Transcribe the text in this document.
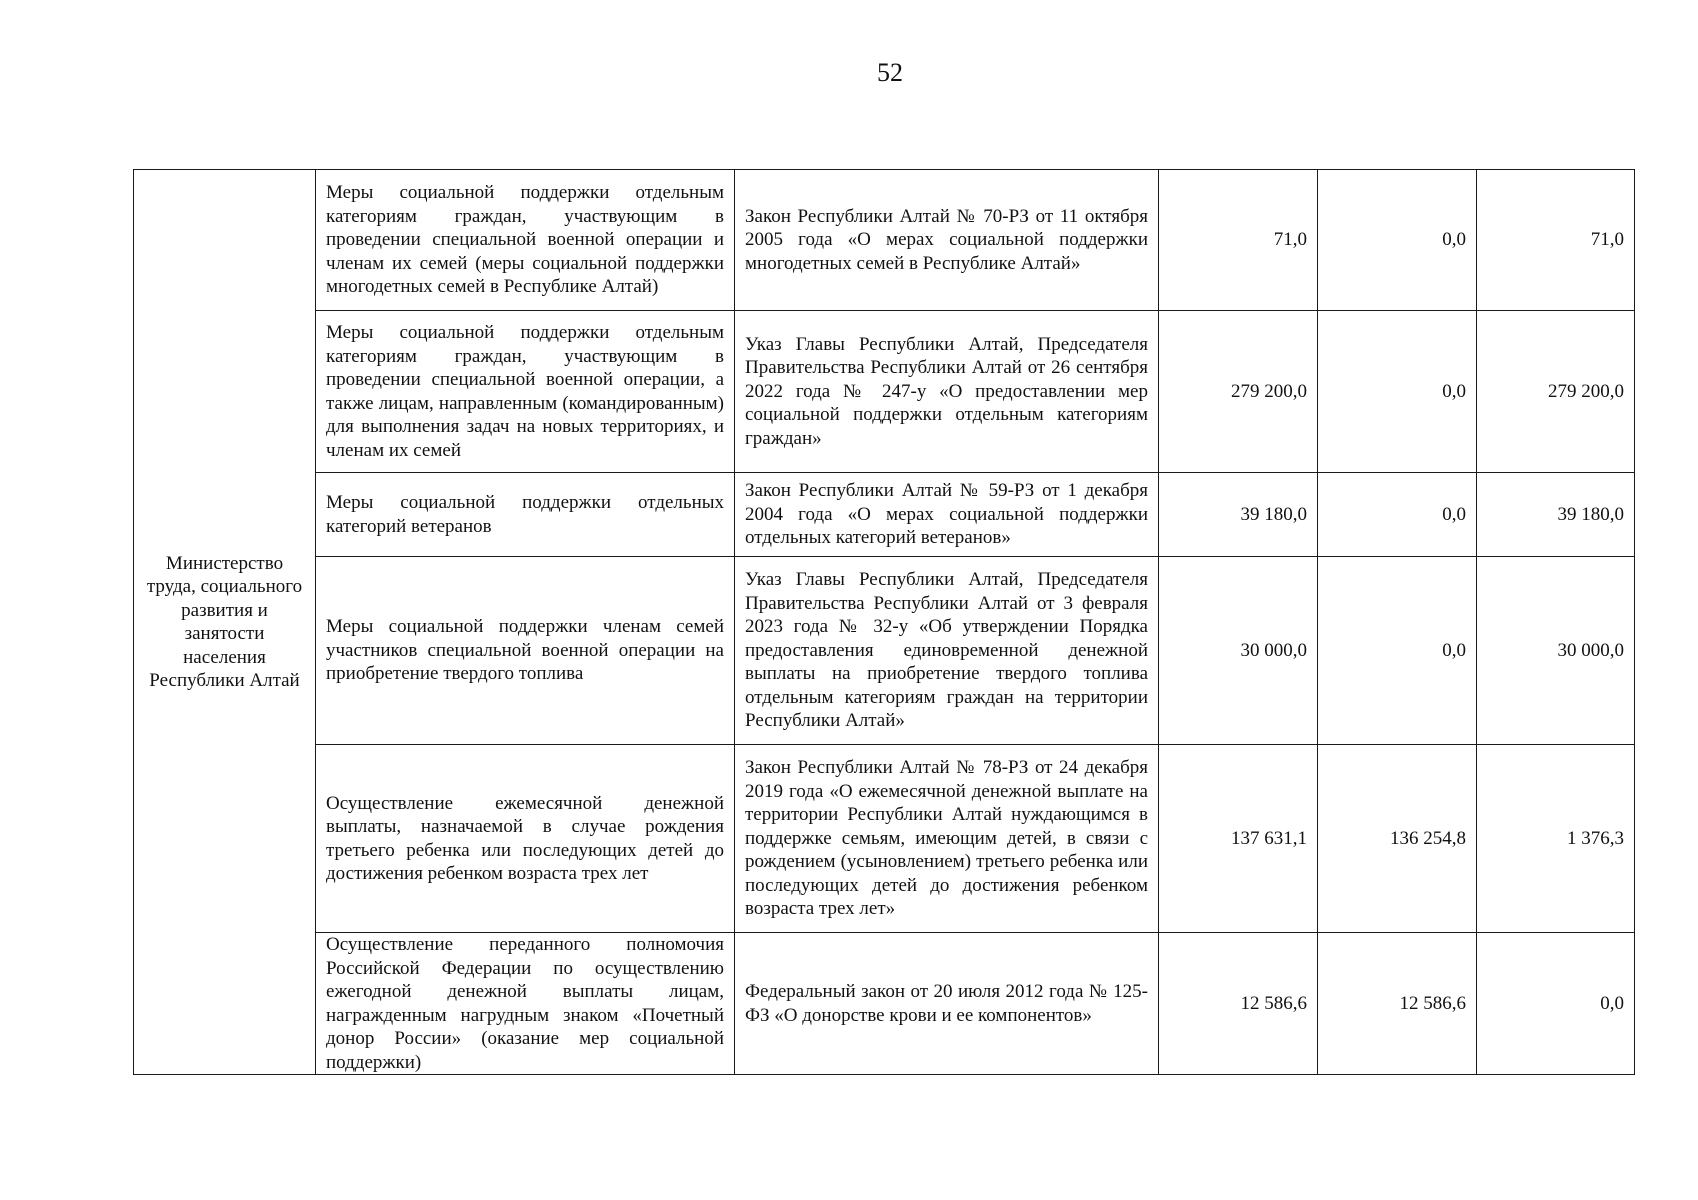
52
Министерство труда, социального развития и занятости населения Республики Алтай	Меры социальной поддержки отдельным категориям граждан, участвующим в проведении специальной военной операции и членам их семей (меры социальной поддержки многодетных семей в Республике Алтай)	Закон Республики Алтай № 70-РЗ от 11 октября 2005 года «О мерах социальной поддержки многодетных семей в Республике Алтай»	71,0	0,0	71,0
	Меры социальной поддержки отдельным категориям граждан, участвующим в проведении специальной военной операции, а также лицам, направленным (командированным) для выполнения задач на новых территориях, и членам их семей	Указ Главы Республики Алтай, Председателя Правительства Республики Алтай от 26 сентября 2022 года № 247-у «О предоставлении мер социальной поддержки отдельным категориям граждан»	279 200,0	0,0	279 200,0
	Меры социальной поддержки отдельных категорий ветеранов	Закон Республики Алтай № 59-РЗ от 1 декабря 2004 года «О мерах социальной поддержки отдельных категорий ветеранов»	39 180,0	0,0	39 180,0
	Меры социальной поддержки членам семей участников специальной военной операции на приобретение твердого топлива	Указ Главы Республики Алтай, Председателя Правительства Республики Алтай от 3 февраля 2023 года № 32-у «Об утверждении Порядка предоставления единовременной денежной выплаты на приобретение твердого топлива отдельным категориям граждан на территории Республики Алтай»	30 000,0	0,0	30 000,0
	Осуществление ежемесячной денежной выплаты, назначаемой в случае рождения третьего ребенка или последующих детей до достижения ребенком возраста трех лет	Закон Республики Алтай № 78-РЗ от 24 декабря 2019 года «О ежемесячной денежной выплате на территории Республики Алтай нуждающимся в поддержке семьям, имеющим детей, в связи с рождением (усыновлением) третьего ребенка или последующих детей до достижения ребенком возраста трех лет»	137 631,1	136 254,8	1 376,3
	Осуществление переданного полномочия Российской Федерации по осуществлению ежегодной денежной выплаты лицам, награжденным нагрудным знаком «Почетный донор России» (оказание мер социальной поддержки)	Федеральный закон от 20 июля 2012 года № 125-ФЗ «О донорстве крови и ее компонентов»	12 586,6	12 586,6	0,0
